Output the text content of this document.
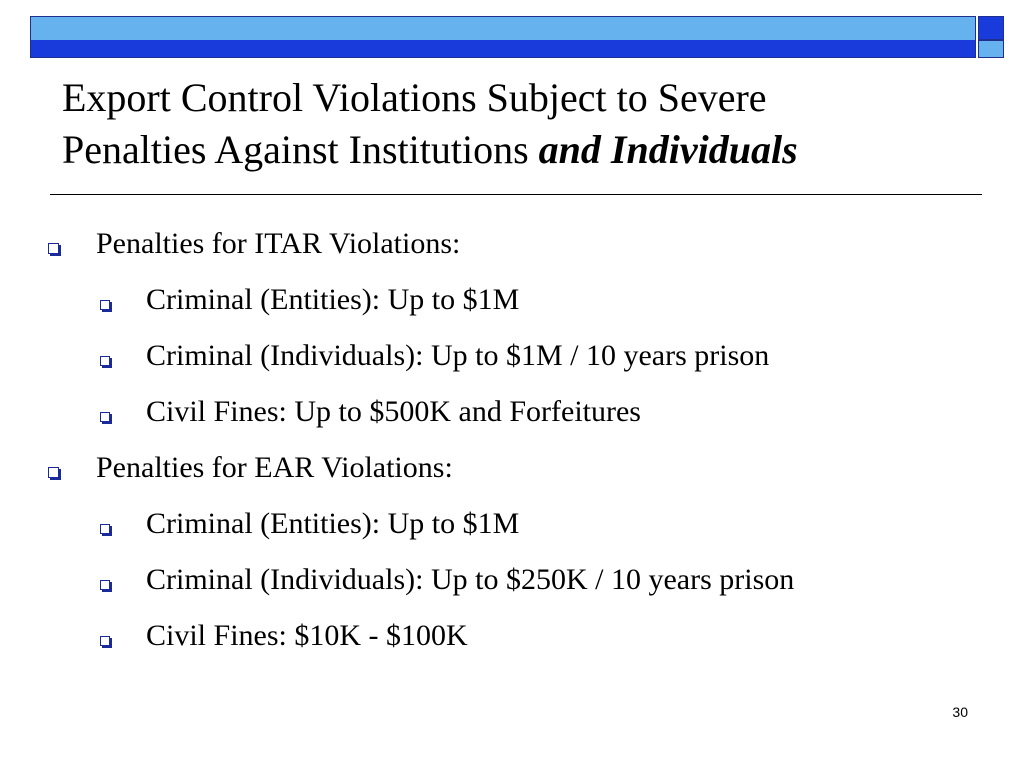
Export Control Violations Subject to Severe
Penalties Against Institutions and Individuals
Penalties for ITAR Violations:
Criminal (Entities): Up to $1M
Criminal (Individuals): Up to $1M / 10 years prison
Civil Fines: Up to $500K and Forfeitures
Penalties for EAR Violations:
Criminal (Entities): Up to $1M
Criminal (Individuals): Up to $250K / 10 years prison
Civil Fines: $10K - $100K
30
